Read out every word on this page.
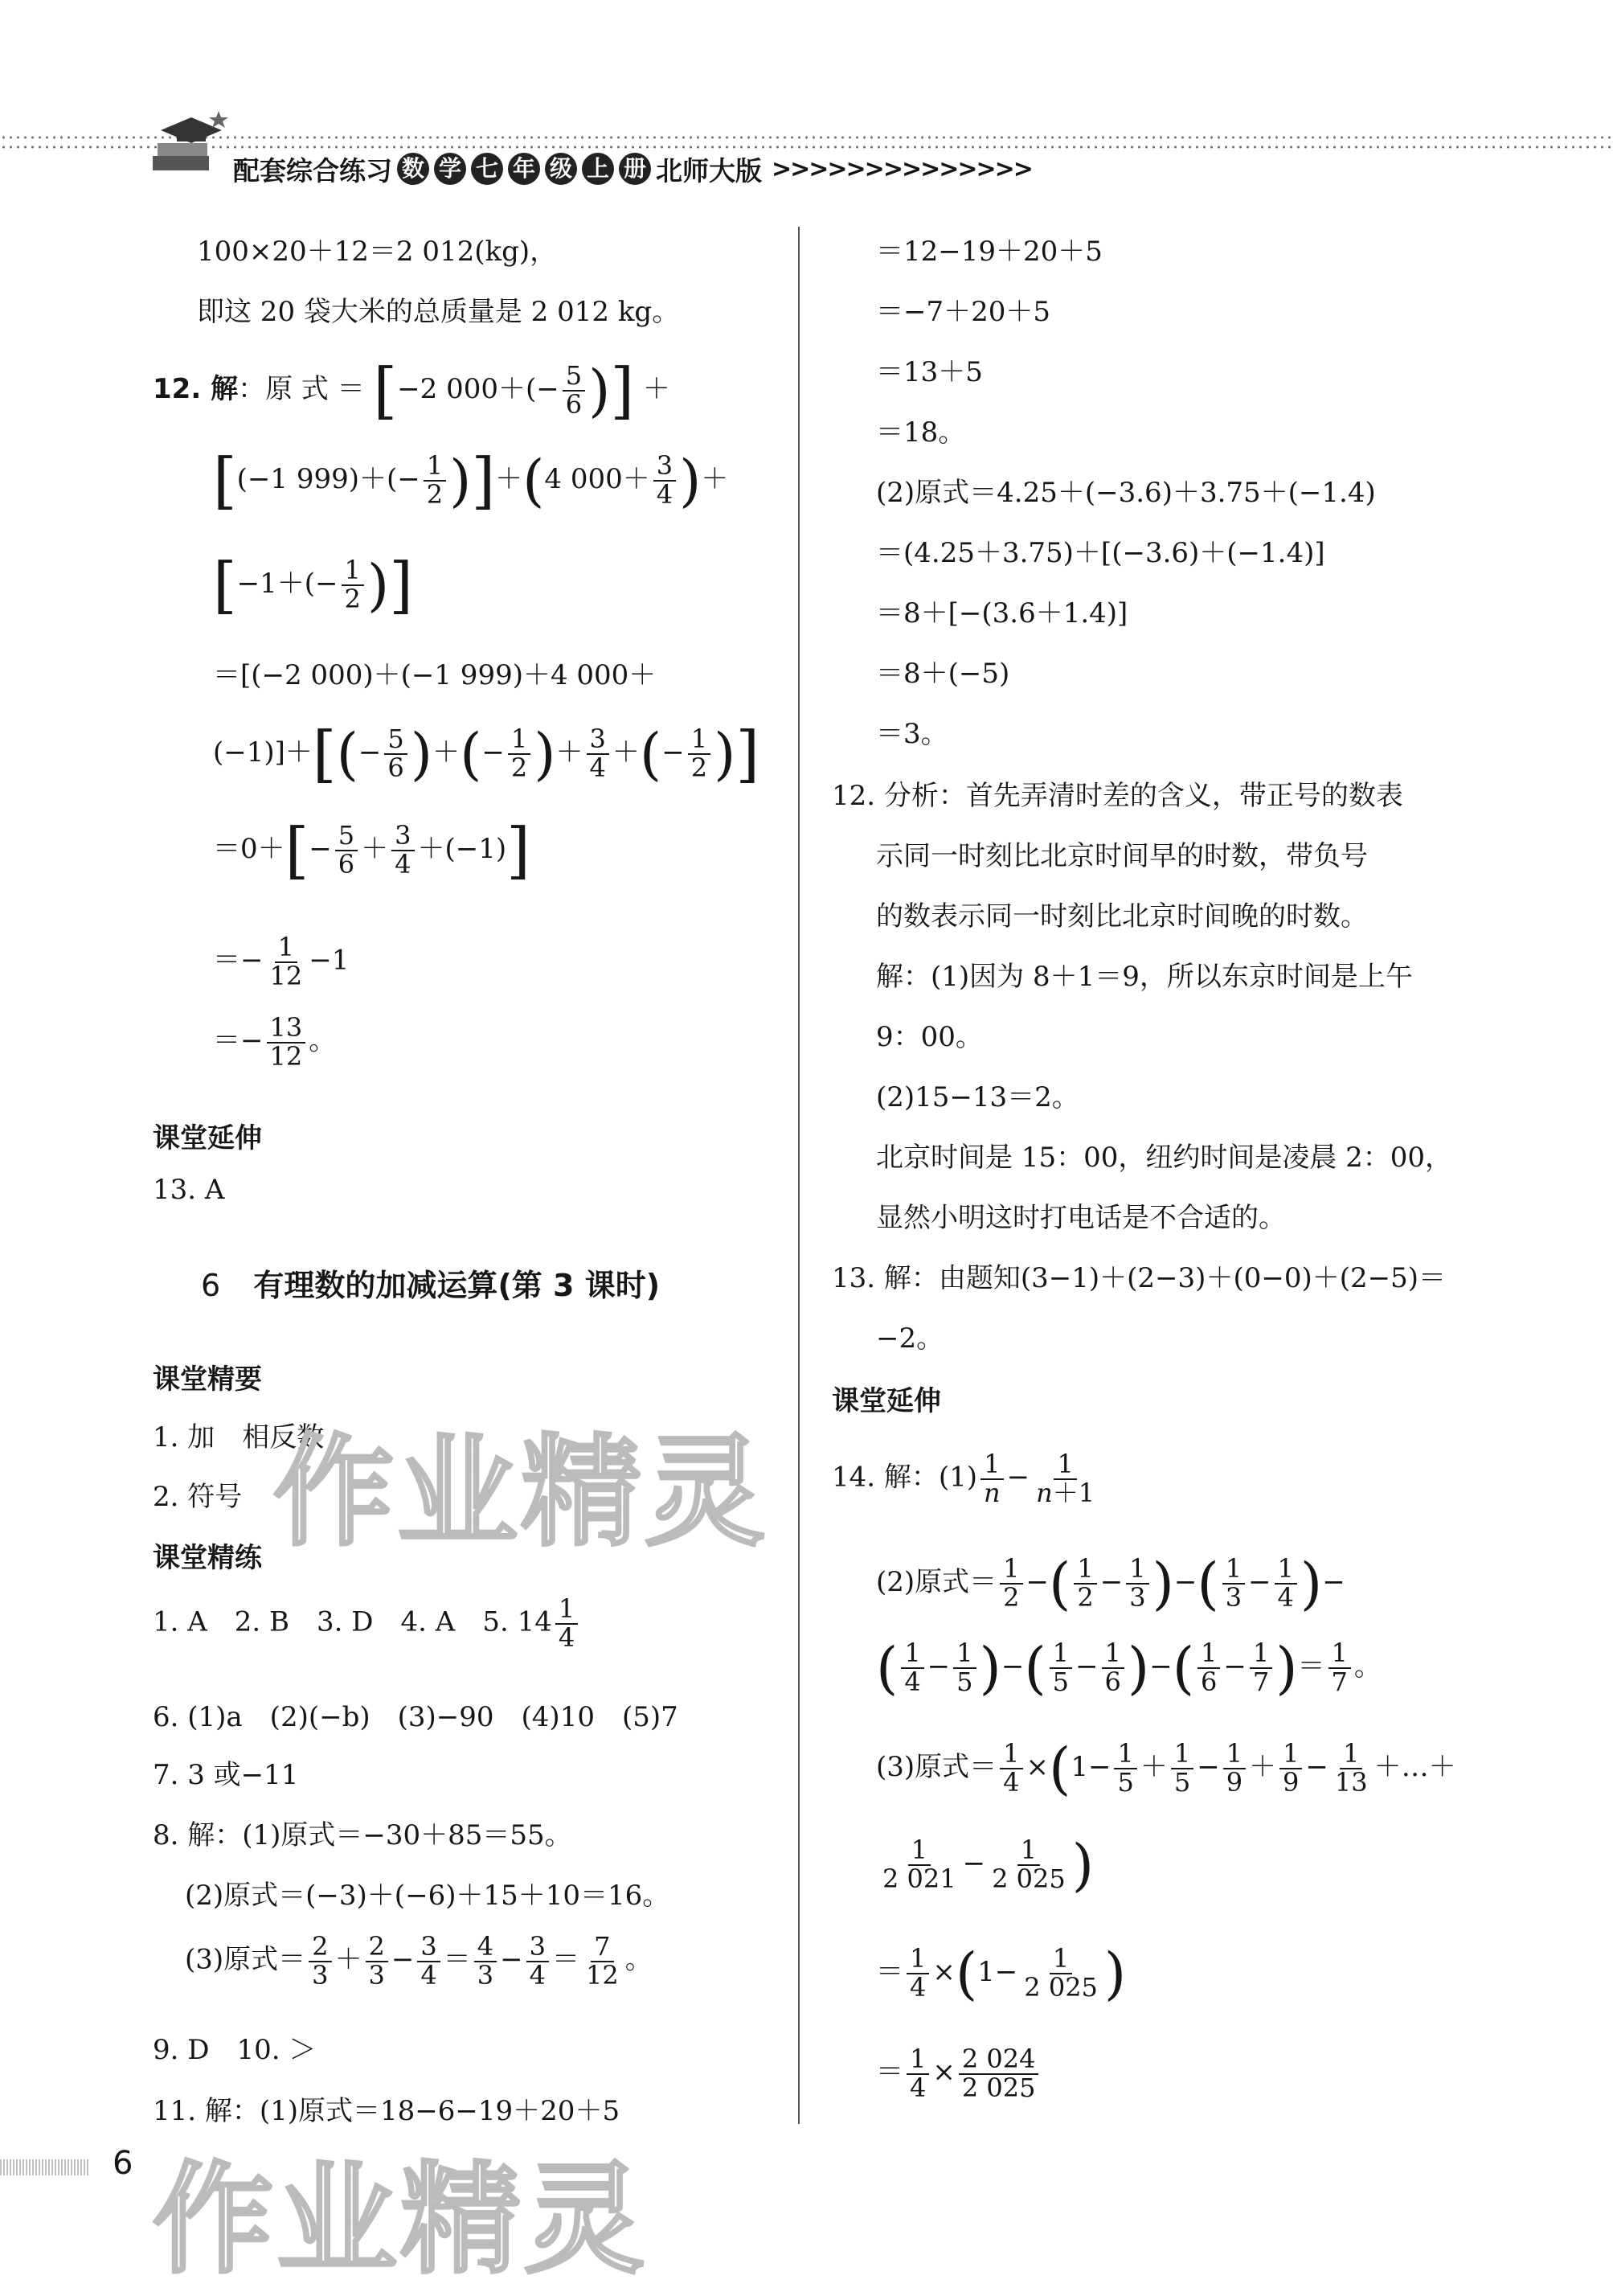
配套综合练习 数 学 七 年 级 上 册 北师大版 >>>>>>>>>>>>>>
100×20＋12＝2 012(kg)，
即这 20 袋大米的总质量是 2 012 kg。
12. 解：原 式 ＝ [−2 $000+(- \frac{5}{6}$ )] ＋
[(−1 $999)+(- \frac{1}{2} )]+(4$ $000+ \frac{3}{4}$ )＋
[$-1+(- \frac{1}{2}$ )]
＝[(−2 000)＋(−1 999)＋4 000＋
$(-1)]+[(- \frac{5}{6}$ )＋(− $\frac{1}{2}$ )＋ $\frac{3}{4}$ ＋(− $\frac{1}{2}$ )]
$=0+[- \frac{5}{6} + \frac{3}{4} +(-1)]$
＝− $\frac{1}{12} -1$
＝− $\frac{13}{12}$ 。
课堂延伸
13. A
6 有理数的加减运算(第 3 课时)
课堂精要
1. 加　相反数
2. 符号
课堂精练
1. A　2. B　3. D　4. A　5. $14 \frac{1}{4}$
6. (1)a　(2)(−b)　(3)−90　(4)10　(5)7
7. 3 或−11
8. 解：(1)原式＝−30＋85＝55。
(2)原式＝(−3)＋(−6)＋15＋10＝16。
(3)原式＝ $\frac{2}{3} + \frac{2}{3} - \frac{3}{4} = \frac{4}{3} - \frac{3}{4} = \frac{7}{12}$ 。
9. D　10. ＞
11. 解：(1)原式＝18−6−19＋20＋5
＝12−19＋20＋5
＝−7＋20＋5
＝13＋5
＝18。
(2)原式＝4.25＋(−3.6)＋3.75＋(−1.4)
＝(4.25＋3.75)＋[(−3.6)＋(−1.4)]
＝8＋[−(3.6＋1.4)]
＝8＋(−5)
＝3。
12. 分析：首先弄清时差的含义，带正号的数表
示同一时刻比北京时间早的时数，带负号
的数表示同一时刻比北京时间晚的时数。
解：(1)因为 8＋1＝9，所以东京时间是上午
9：00。
(2)15−13＝2。
北京时间是 15：00，纽约时间是凌晨 2：00，
显然小明这时打电话是不合适的。
13. 解：由题知(3−1)＋(2−3)＋(0−0)＋(2−5)＝
−2。
课堂延伸
14. 解：$(1) \frac{1}{n} - \frac{1}{n+1}$
(2)原式＝ $\frac{1}{2}$ −( $\frac{1}{2} - \frac{1}{3}$ )−( $\frac{1}{3} - \frac{1}{4}$ )−
( $\frac{1}{4} - \frac{1}{5}$ )−( $\frac{1}{5} - \frac{1}{6}$ )−( $\frac{1}{6} - \frac{1}{7}$ )＝ $\frac{1}{7}$ 。
(3)原式＝ $\frac{1}{4} \times(1- \frac{1}{5} + \frac{1}{5} - \frac{1}{9} + \frac{1}{9} - \frac{1}{13}$ ＋…＋
$\frac{1}{2 021} - \frac{1}{2 025}$ )
＝ $\frac{1}{4} \times(1- \frac{1}{2 025}$ )
＝ $\frac{1}{4} \times \frac{2 024}{2 025}$
作业精灵
作业精灵
6
